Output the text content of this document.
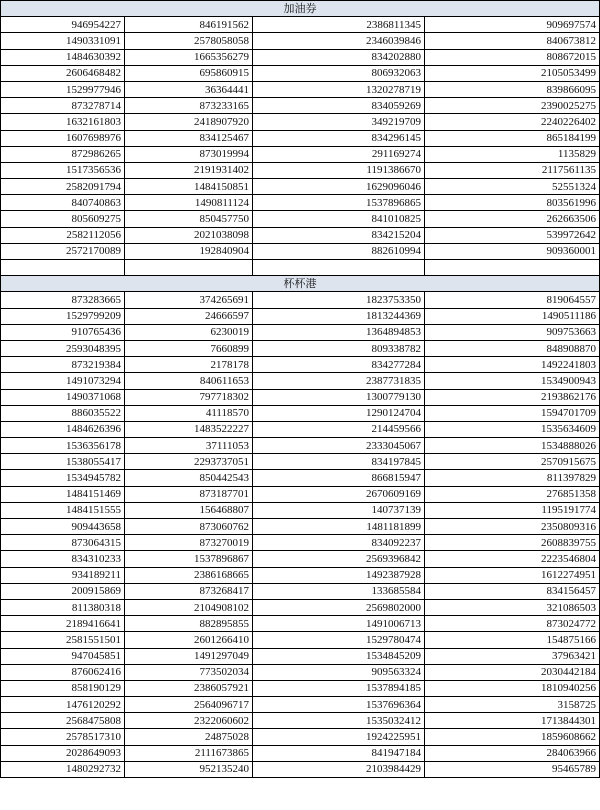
加油券			
946954227	846191562	2386811345	909697574
1490331091	2578058058	2346039846	840673812
1484630392	1665356279	834202880	808672015
2606468482	695860915	806932063	2105053499
1529977946	36364441	1320278719	839866095
873278714	873233165	834059269	2390025275
1632161803	2418907920	349219709	2240226402
1607698976	834125467	834296145	865184199
872986265	873019994	291169274	1135829
1517356536	2191931402	1191386670	2117561135
2582091794	1484150851	1629096046	52551324
840740863	1490811124	1537896865	803561996
805609275	850457750	841010825	262663506
2582112056	2021038098	834215204	539972642
2572170089	192840904	882610994	909360001

杯杯港			
873283665	374265691	1823753350	819064557
1529799209	24666597	1813244369	1490511186
910765436	6230019	1364894853	909753663
2593048395	7660899	809338782	848908870
873219384	2178178	834277284	1492241803
1491073294	840611653	2387731835	1534900943
1490371068	797718302	1300779130	2193862176
886035522	41118570	1290124704	1594701709
1484626396	1483522227	214459566	1535634609
1536356178	37111053	2333045067	1534888026
1538055417	2293737051	834197845	2570915675
1534945782	850442543	866815947	811397829
1484151469	873187701	2670609169	276851358
1484151555	156468807	140737139	1195191774
909443658	873060762	1481181899	2350809316
873064315	873270019	834092237	2608839755
834310233	1537896867	2569396842	2223546804
934189211	2386168665	1492387928	1612274951
200915869	873268417	133685584	834156457
811380318	2104908102	2569802000	321086503
2189416641	882895855	1491006713	873024772
2581551501	2601266410	1529780474	154875166
947045851	1491297049	1534845209	37963421
876062416	773502034	909563324	2030442184
858190129	2386057921	1537894185	1810940256
1476120292	2564096717	1537696364	3158725
2568475808	2322060602	1535032412	1713844301
2578517310	24875028	1924225951	1859608662
2028649093	2111673865	841947184	284063966
1480292732	952135240	2103984429	95465789
